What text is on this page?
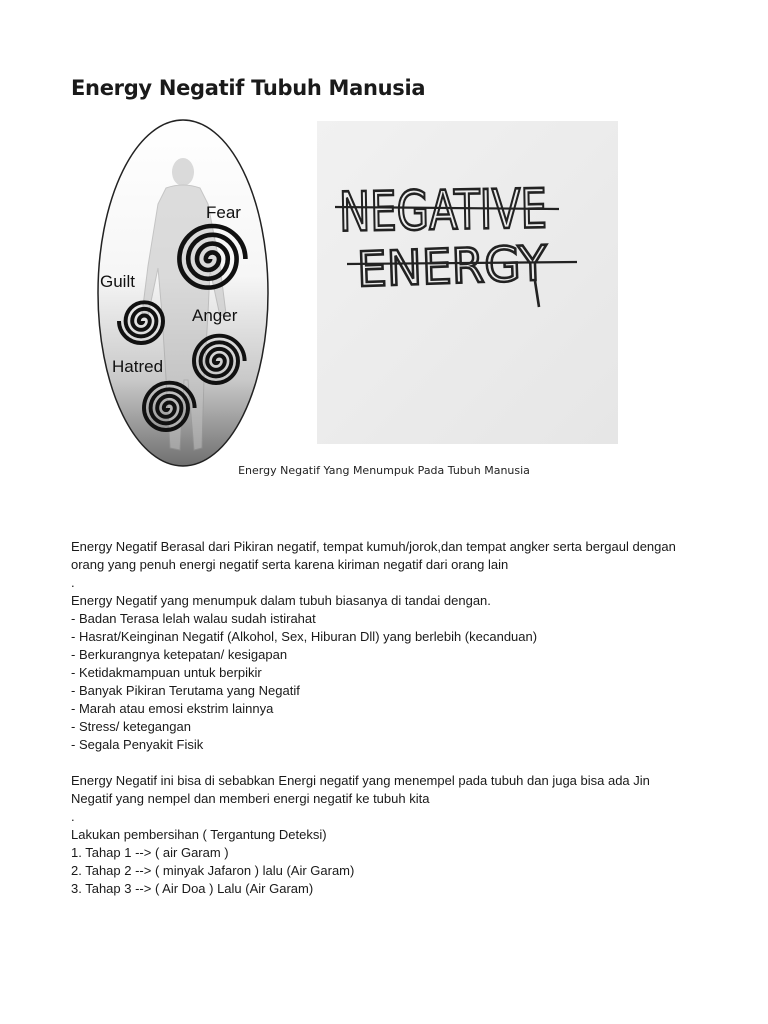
Energy Negatif Tubuh Manusia
Fear
Guilt
Anger
Hatred
NEGATIVE
ENERGY
Energy Negatif Yang Menumpuk Pada Tubuh Manusia
Energy Negatif Berasal dari Pikiran negatif, tempat kumuh/jorok,dan tempat angker serta bergaul dengan
orang yang penuh energi negatif serta karena kiriman negatif dari orang lain
.
Energy Negatif yang menumpuk dalam tubuh biasanya di tandai dengan.
- Badan Terasa lelah walau sudah istirahat
- Hasrat/Keinginan Negatif (Alkohol, Sex, Hiburan Dll) yang berlebih (kecanduan)
- Berkurangnya ketepatan/ kesigapan
- Ketidakmampuan untuk berpikir
- Banyak Pikiran Terutama yang Negatif
- Marah atau emosi ekstrim lainnya
- Stress/ ketegangan
- Segala Penyakit Fisik
Energy Negatif ini bisa di sebabkan Energi negatif yang menempel pada tubuh dan juga bisa ada Jin
Negatif yang nempel dan memberi energi negatif ke tubuh kita
.
Lakukan pembersihan ( Tergantung Deteksi)
1. Tahap 1 --> ( air Garam )
2. Tahap 2 --> ( minyak Jafaron ) lalu (Air Garam)
3. Tahap 3 --> ( Air Doa ) Lalu (Air Garam)
